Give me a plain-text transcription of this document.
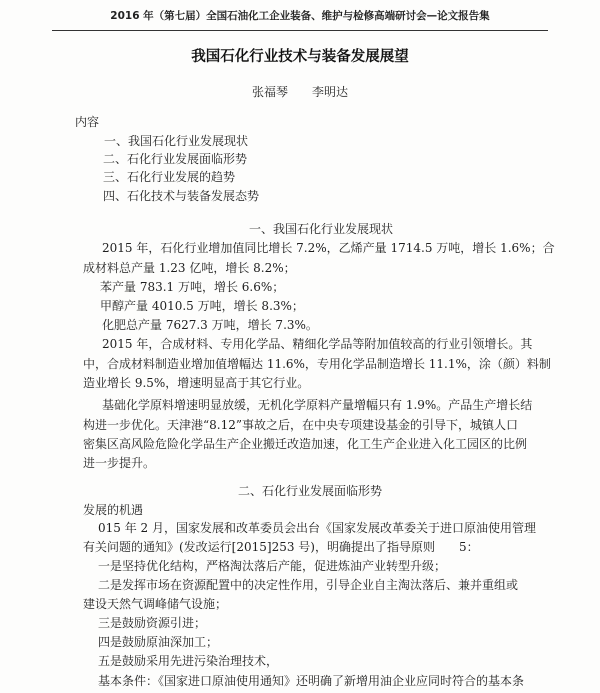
2016 年（第七届）全国石油化工企业装备、维护与检修高端研讨会—论文报告集
我国石化行业技术与装备发展展望
张福琴　　李明达
内容
一、我国石化行业发展现状
二、石化行业发展面临形势
三、石化行业发展的趋势
四、石化技术与装备发展态势
一、我国石化行业发展现状
2015 年，石化行业增加值同比增长 7.2%，乙烯产量 1714.5 万吨，增长 1.6%；合
成材料总产量 1.23 亿吨，增长 8.2%；
苯产量 783.1 万吨，增长 6.6%；
甲醇产量 4010.5 万吨，增长 8.3%；
化肥总产量 7627.3 万吨，增长 7.3%。
2015 年，合成材料、专用化学品、精细化学品等附加值较高的行业引领增长。其
中，合成材料制造业增加值增幅达 11.6%，专用化学品制造增长 11.1%，涂（颜）料制
造业增长 9.5%，增速明显高于其它行业。
基础化学原料增速明显放缓，无机化学原料产量增幅只有 1.9%。产品生产增长结
构进一步优化。天津港“8.12”事故之后，在中央专项建设基金的引导下，城镇人口
密集区高风险危险化学品生产企业搬迁改造加速，化工生产企业进入化工园区的比例
进一步提升。
二、石化行业发展面临形势
发展的机遇
015 年 2 月，国家发展和改革委员会出台《国家发展改革委关于进口原油使用管理
有关问题的通知》(发改运行[2015]253 号)，明确提出了指导原则　　5：
一是坚持优化结构，严格淘汰落后产能，促进炼油产业转型升级；
二是发挥市场在资源配置中的决定性作用，引导企业自主淘汰落后、兼并重组或
建设天然气调峰储气设施；
三是鼓励资源引进；
四是鼓励原油深加工；
五是鼓励采用先进污染治理技术，
基本条件：《国家进口原油使用通知》还明确了新增用油企业应同时符合的基本条
